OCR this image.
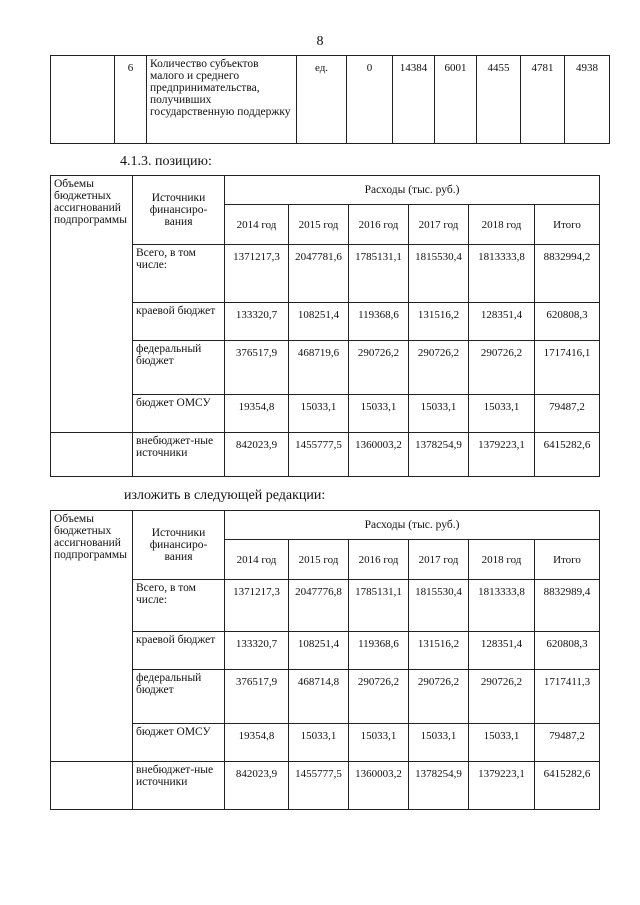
8
	6	Количество субъектов малого и среднего предпринимательства, получивших государственную поддержку	ед.	0	14384	6001	4455	4781	4938
4.1.3. позицию:
Объемы бюджетных ассигнований подпрограммы	Источники финансиро-вания	Расходы (тыс. руб.)					
		2014 год	2015 год	2016 год	2017 год	2018 год	Итого
	Всего, в том числе:	1371217,3	2047781,6	1785131,1	1815530,4	1813333,8	8832994,2
	краевой бюджет	133320,7	108251,4	119368,6	131516,2	128351,4	620808,3
	федеральный бюджет	376517,9	468719,6	290726,2	290726,2	290726,2	1717416,1
	бюджет ОМСУ	19354,8	15033,1	15033,1	15033,1	15033,1	79487,2
	внебюджет-ные источники	842023,9	1455777,5	1360003,2	1378254,9	1379223,1	6415282,6
изложить в следующей редакции:
Объемы бюджетных ассигнований подпрограммы	Источники финансиро-вания	Расходы (тыс. руб.)					
		2014 год	2015 год	2016 год	2017 год	2018 год	Итого
	Всего, в том числе:	1371217,3	2047776,8	1785131,1	1815530,4	1813333,8	8832989,4
	краевой бюджет	133320,7	108251,4	119368,6	131516,2	128351,4	620808,3
	федеральный бюджет	376517,9	468714,8	290726,2	290726,2	290726,2	1717411,3
	бюджет ОМСУ	19354,8	15033,1	15033,1	15033,1	15033,1	79487,2
	внебюджет-ные источники	842023,9	1455777,5	1360003,2	1378254,9	1379223,1	6415282,6
